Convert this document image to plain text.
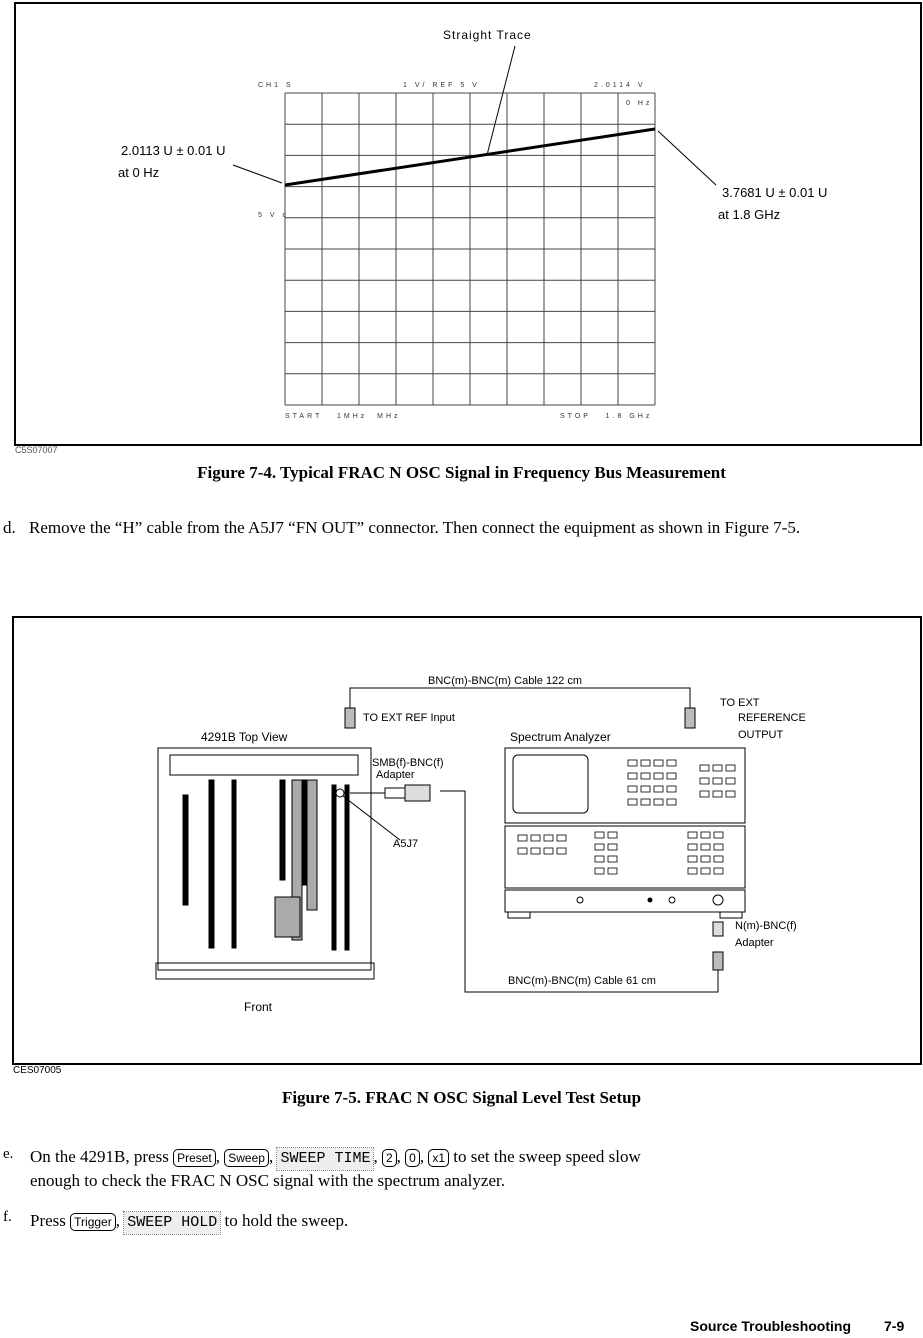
Straight Trace
CH1 S	1 V/ REF 5 V	2.0114 V
0 Hz
5 V c
START   1MHz  MHz	STOP   1.8 GHz
2.0113 U ± 0.01 U
at 0 Hz
3.7681 U ± 0.01 U
at 1.8 GHz
C5S07007
Figure 7-4. Typical FRAC N OSC Signal in Frequency Bus Measurement
d. Remove the “H” cable from the A5J7 “FN OUT” connector. Then connect the equipment as shown in Figure 7-5.
BNC(m)-BNC(m) Cable 122 cm
TO EXT REF Input
TO EXT
REFERENCE
OUTPUT
4291B Top View	Spectrum Analyzer
SMB(f)-BNC(f)
Adapter
A5J7
N(m)-BNC(f)
Adapter
BNC(m)-BNC(m) Cable 61 cm
Front
CES07005
Figure 7-5. FRAC N OSC Signal Level Test Setup
e. On the 4291B, press Preset , Sweep , SWEEP TIME , 2 , 0 , x1 to set the sweep speed slow
enough to check the FRAC N OSC signal with the spectrum analyzer.
f. Press Trigger , SWEEP HOLD to hold the sweep.
Source Troubleshooting 7-9
